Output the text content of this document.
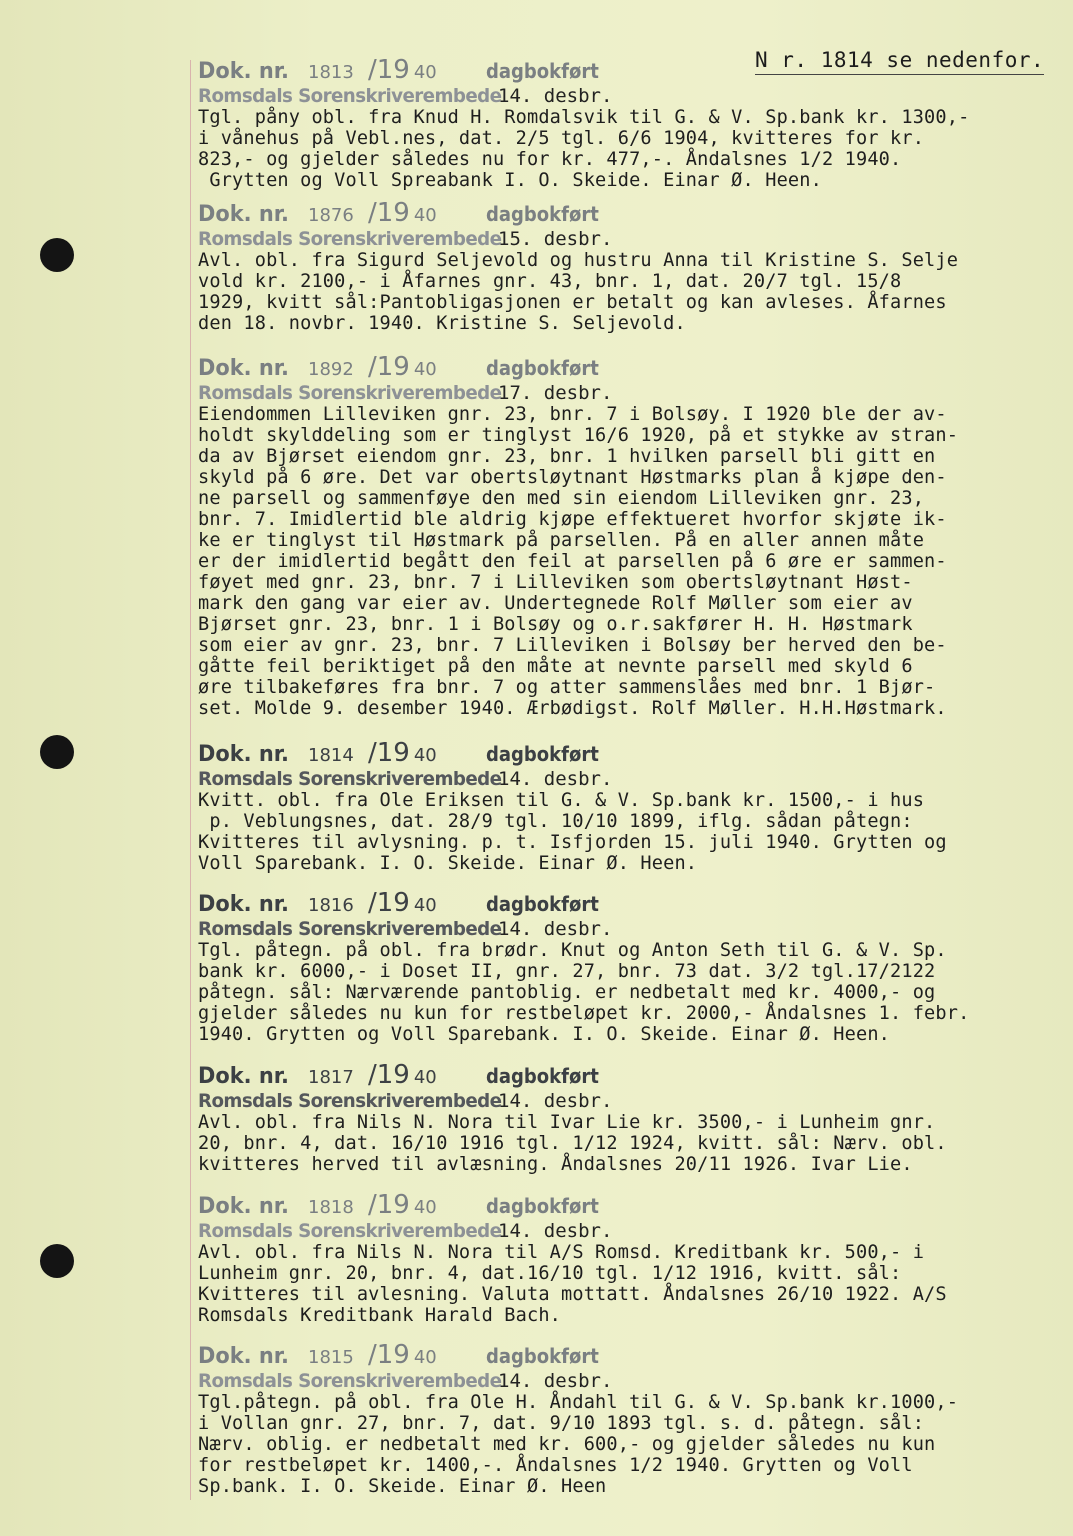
N r. 1814 se nedenfor.
Dok. nr. 1813 /19 40 dagbokført
Romsdals Sorenskriverembede14. desbr.
Tgl. påny obl. fra Knud H. Romdalsvik til G. & V. Sp.bank kr. 1300,-
i vånehus på Vebl.nes, dat. 2/5 tgl. 6/6 1904, kvitteres for kr.
823,- og gjelder således nu for kr. 477,-. Åndalsnes 1/2 1940.
Grytten og Voll Spreabank I. O. Skeide. Einar Ø. Heen.
Dok. nr. 1876 /19 40 dagbokført
Romsdals Sorenskriverembede15. desbr.
Avl. obl. fra Sigurd Seljevold og hustru Anna til Kristine S. Selje
vold kr. 2100,- i Åfarnes gnr. 43, bnr. 1, dat. 20/7 tgl. 15/8
1929, kvitt sål:Pantobligasjonen er betalt og kan avleses. Åfarnes
den 18. novbr. 1940. Kristine S. Seljevold.
Dok. nr. 1892 /19 40 dagbokført
Romsdals Sorenskriverembede17. desbr.
Eiendommen Lilleviken gnr. 23, bnr. 7 i Bolsøy. I 1920 ble der av-
holdt skylddeling som er tinglyst 16/6 1920, på et stykke av stran-
da av Bjørset eiendom gnr. 23, bnr. 1 hvilken parsell bli gitt en
skyld på 6 øre. Det var obertsløytnant Høstmarks plan å kjøpe den-
ne parsell og sammenføye den med sin eiendom Lilleviken gnr. 23,
bnr. 7. Imidlertid ble aldrig kjøpe effektueret hvorfor skjøte ik-
ke er tinglyst til Høstmark på parsellen. På en aller annen måte
er der imidlertid begått den feil at parsellen på 6 øre er sammen-
føyet med gnr. 23, bnr. 7 i Lilleviken som obertsløytnant Høst-
mark den gang var eier av. Undertegnede Rolf Møller som eier av
Bjørset gnr. 23, bnr. 1 i Bolsøy og o.r.sakfører H. H. Høstmark
som eier av gnr. 23, bnr. 7 Lilleviken i Bolsøy ber herved den be-
gåtte feil beriktiget på den måte at nevnte parsell med skyld 6
øre tilbakeføres fra bnr. 7 og atter sammenslåes med bnr. 1 Bjør-
set. Molde 9. desember 1940. Ærbødigst. Rolf Møller. H.H.Høstmark.
Dok. nr. 1814 /19 40 dagbokført
Romsdals Sorenskriverembede14. desbr.
Kvitt. obl. fra Ole Eriksen til G. & V. Sp.bank kr. 1500,- i hus
p. Veblungsnes, dat. 28/9 tgl. 10/10 1899, iflg. sådan påtegn:
Kvitteres til avlysning. p. t. Isfjorden 15. juli 1940. Grytten og
Voll Sparebank. I. O. Skeide. Einar Ø. Heen.
Dok. nr. 1816 /19 40 dagbokført
Romsdals Sorenskriverembede14. desbr.
Tgl. påtegn. på obl. fra brødr. Knut og Anton Seth til G. & V. Sp.
bank kr. 6000,- i Doset II, gnr. 27, bnr. 73 dat. 3/2 tgl.17/2122
påtegn. sål: Nærværende pantoblig. er nedbetalt med kr. 4000,- og
gjelder således nu kun for restbeløpet kr. 2000,- Åndalsnes 1. febr.
1940. Grytten og Voll Sparebank. I. O. Skeide. Einar Ø. Heen.
Dok. nr. 1817 /19 40 dagbokført
Romsdals Sorenskriverembede14. desbr.
Avl. obl. fra Nils N. Nora til Ivar Lie kr. 3500,- i Lunheim gnr.
20, bnr. 4, dat. 16/10 1916 tgl. 1/12 1924, kvitt. sål: Nærv. obl.
kvitteres herved til avlæsning. Åndalsnes 20/11 1926. Ivar Lie.
Dok. nr. 1818 /19 40 dagbokført
Romsdals Sorenskriverembede14. desbr.
Avl. obl. fra Nils N. Nora til A/S Romsd. Kreditbank kr. 500,- i
Lunheim gnr. 20, bnr. 4, dat.16/10 tgl. 1/12 1916, kvitt. sål:
Kvitteres til avlesning. Valuta mottatt. Åndalsnes 26/10 1922. A/S
Romsdals Kreditbank Harald Bach.
Dok. nr. 1815 /19 40 dagbokført
Romsdals Sorenskriverembede14. desbr.
Tgl.påtegn. på obl. fra Ole H. Åndahl til G. & V. Sp.bank kr.1000,-
i Vollan gnr. 27, bnr. 7, dat. 9/10 1893 tgl. s. d. påtegn. sål:
Nærv. oblig. er nedbetalt med kr. 600,- og gjelder således nu kun
for restbeløpet kr. 1400,-. Åndalsnes 1/2 1940. Grytten og Voll
Sp.bank. I. O. Skeide. Einar Ø. Heen
